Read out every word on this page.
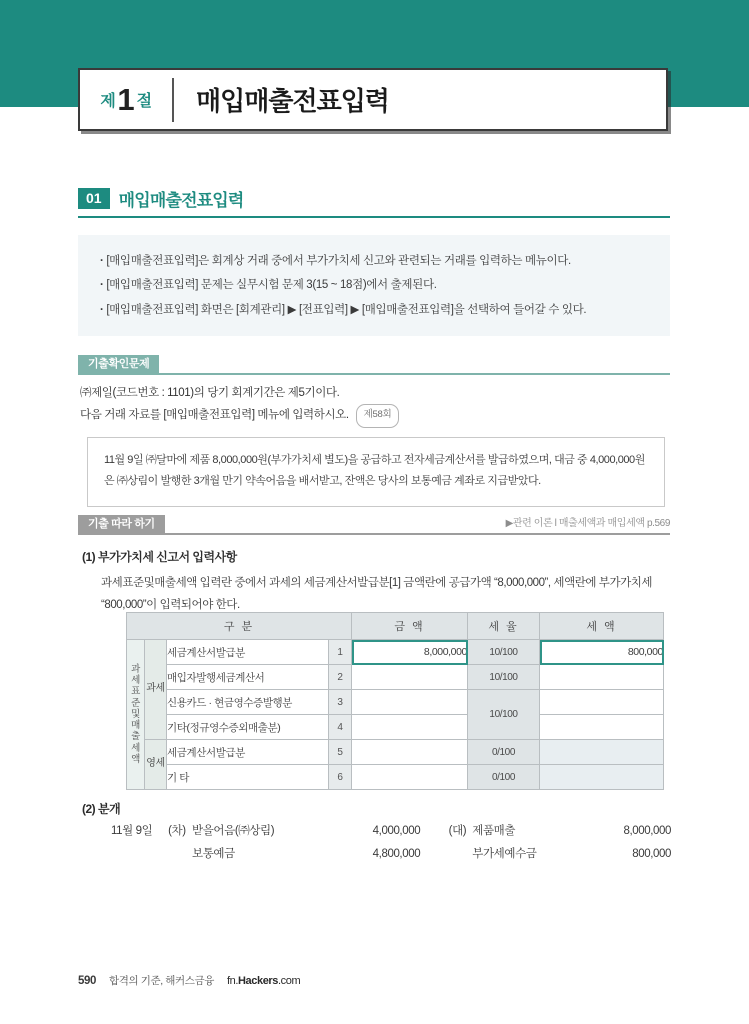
제 1 절	매입매출전표입력
01	매입매출전표입력
· [매입매출전표입력]은 회계상 거래 중에서 부가가치세 신고와 관련되는 거래를 입력하는 메뉴이다.
· [매입매출전표입력] 문제는 실무시험 문제 3(15 ~ 18점)에서 출제된다.
· [매입매출전표입력] 화면은 [회계관리] ▶ [전표입력] ▶ [매입매출전표입력]을 선택하여 들어갈 수 있다.
기출확인문제
㈜제일(코드번호 : 1101)의 당기 회계기간은 제5기이다.
다음 거래 자료를 [매입매출전표입력] 메뉴에 입력하시오. 제58회
11월 9일 ㈜달마에 제품 8,000,000원(부가가치세 별도)을 공급하고 전자세금계산서를 발급하였으며, 대금 중 4,000,000원은 ㈜상림이 발행한 3개월 만기 약속어음을 배서받고, 잔액은 당사의 보통예금 계좌로 지급받았다.
기출 따라 하기	▶관련 이론 l 매출세액과 매입세액 p.569
(1) 부가가치세 신고서 입력사항
과세표준및매출세액 입력란 중에서 과세의 세금계산서발급분[1] 금액란에 공급가액 “8,000,000”, 세액란에 부가가치세 “800,000”이 입력되어야 한다.
구 분				금 액	세 율	세 액
과세표준및매출세액	과세	세금계산서발급분	1	8,000,000	10/100	800,000
		매입자발행세금계산서	2		10/100	
		신용카드 · 현금영수증발행분	3		10/100	
		기타(정규영수증외매출분)	4			
	영세	세금계산서발급분	5		0/100	
		기 타	6		0/100	
(2) 분개
11월 9일	(차) 받을어음(㈜상림)	4,000,000	(대) 제품매출	8,000,000
보통예금	4,800,000	부가세예수금	800,000
590 합격의 기준, 해커스금융 fn.Hackers.com
